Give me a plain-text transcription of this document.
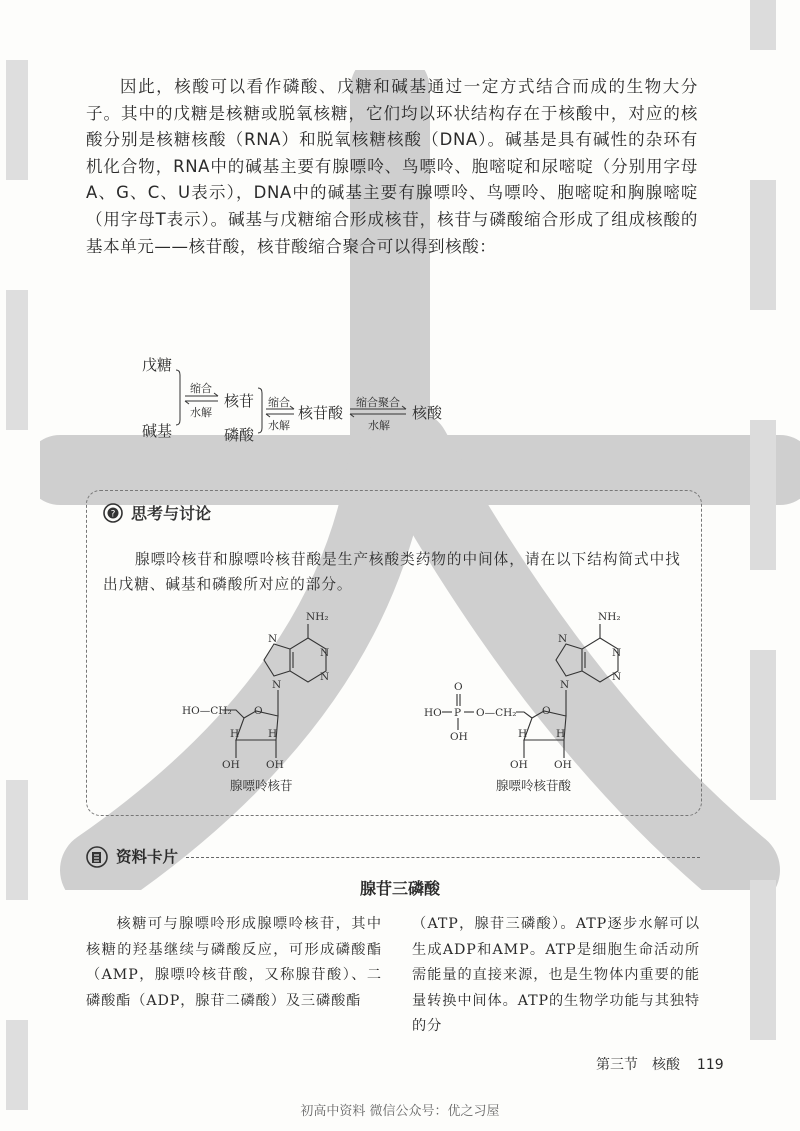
因此，核酸可以看作磷酸、戊糖和碱基通过一定方式结合而成的生物大分子。其中的戊糖是核糖或脱氧核糖，它们均以环状结构存在于核酸中，对应的核酸分别是核糖核酸（RNA）和脱氧核糖核酸（DNA）。碱基是具有碱性的杂环有机化合物，RNA中的碱基主要有腺嘌呤、鸟嘌呤、胞嘧啶和尿嘧啶（分别用字母A、G、C、U表示），DNA中的碱基主要有腺嘌呤、鸟嘌呤、胞嘧啶和胸腺嘧啶（用字母T表示）。碱基与戊糖缩合形成核苷，核苷与磷酸缩合形成了组成核酸的基本单元——核苷酸，核苷酸缩合聚合可以得到核酸：

戊糖
碱基
缩合
水解
核苷
磷酸
缩合
水解
核苷酸
缩合聚合
水解
核酸
? 思考与讨论

腺嘌呤核苷和腺嘌呤核苷酸是生产核酸类药物的中间体，请在以下结构简式中找出戊糖、碱基和磷酸所对应的部分。

NH₂
N
N
N
N
HO—CH₂ O
H	H
OH OH
腺嘌呤核苷
NH₂
N
N
N
N
O
HO P O—CH₂
OH
O
H	H
OH OH
腺嘌呤核苷酸
资料卡片
腺苷三磷酸

核糖可与腺嘌呤形成腺嘌呤核苷，其中核糖的羟基继续与磷酸反应，可形成磷酸酯（AMP，腺嘌呤核苷酸，又称腺苷酸）、二磷酸酯（ADP，腺苷二磷酸）及三磷酸酯

（ATP，腺苷三磷酸）。ATP逐步水解可以生成ADP和AMP。ATP是细胞生命活动所需能量的直接来源，也是生物体内重要的能量转换中间体。ATP的生物学功能与其独特的分

第三节　核酸 119
初高中资料 微信公众号：优之习屋
